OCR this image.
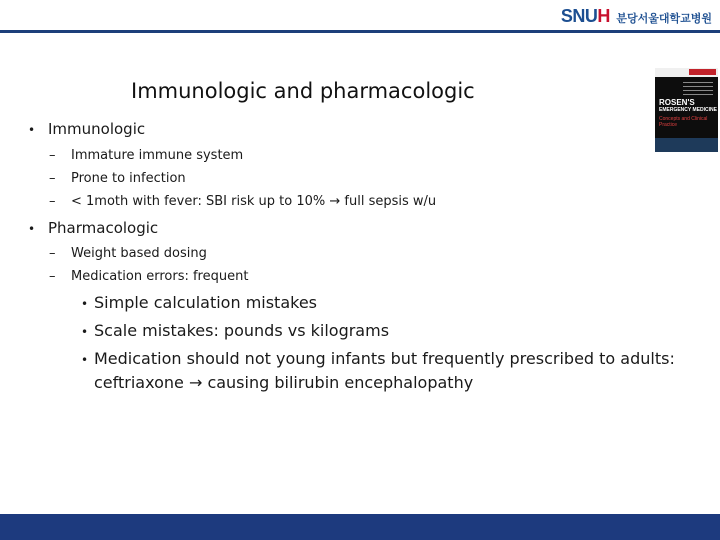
SNU H 분당서울대학교병원
Immunologic and pharmacologic	ROSEN'S
EMERGENCY MEDICINE
Concepts and Clinical Practice
• Immunologic
– Immature immune system
– Prone to infection
– < 1moth with fever: SBI risk up to 10% → full sepsis w/u
• Pharmacologic
– Weight based dosing
– Medication errors: frequent
• Simple calculation mistakes
• Scale mistakes: pounds vs kilograms
• Medication should not young infants but frequently prescribed to adults:
ceftriaxone → causing bilirubin encephalopathy
